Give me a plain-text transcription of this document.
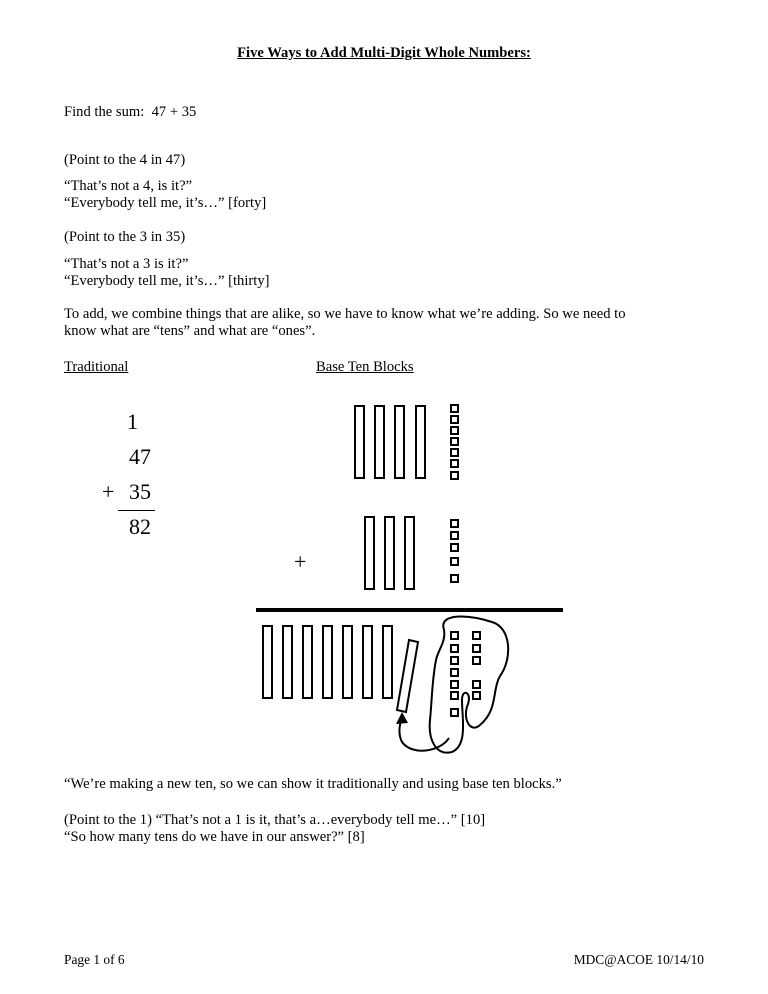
Five Ways to Add Multi-Digit Whole Numbers:
Find the sum: 47 + 35
(Point to the 4 in 47)
“That’s not a 4, is it?”
“Everybody tell me, it’s…” [forty]
(Point to the 3 in 35)
“That’s not a 3 is it?”
“Everybody tell me, it’s…” [thirty]
To add, we combine things that are alike, so we have to know what we’re adding. So we need to
know what are “tens” and what are “ones”.
Traditional	Base Ten Blocks
1
47
+ 35
82
+
“We’re making a new ten, so we can show it traditionally and using base ten blocks.”
(Point to the 1) “That’s not a 1 is it, that’s a…everybody tell me…” [10]
“So how many tens do we have in our answer?” [8]
Page 1 of 6	MDC@ACOE 10/14/10
